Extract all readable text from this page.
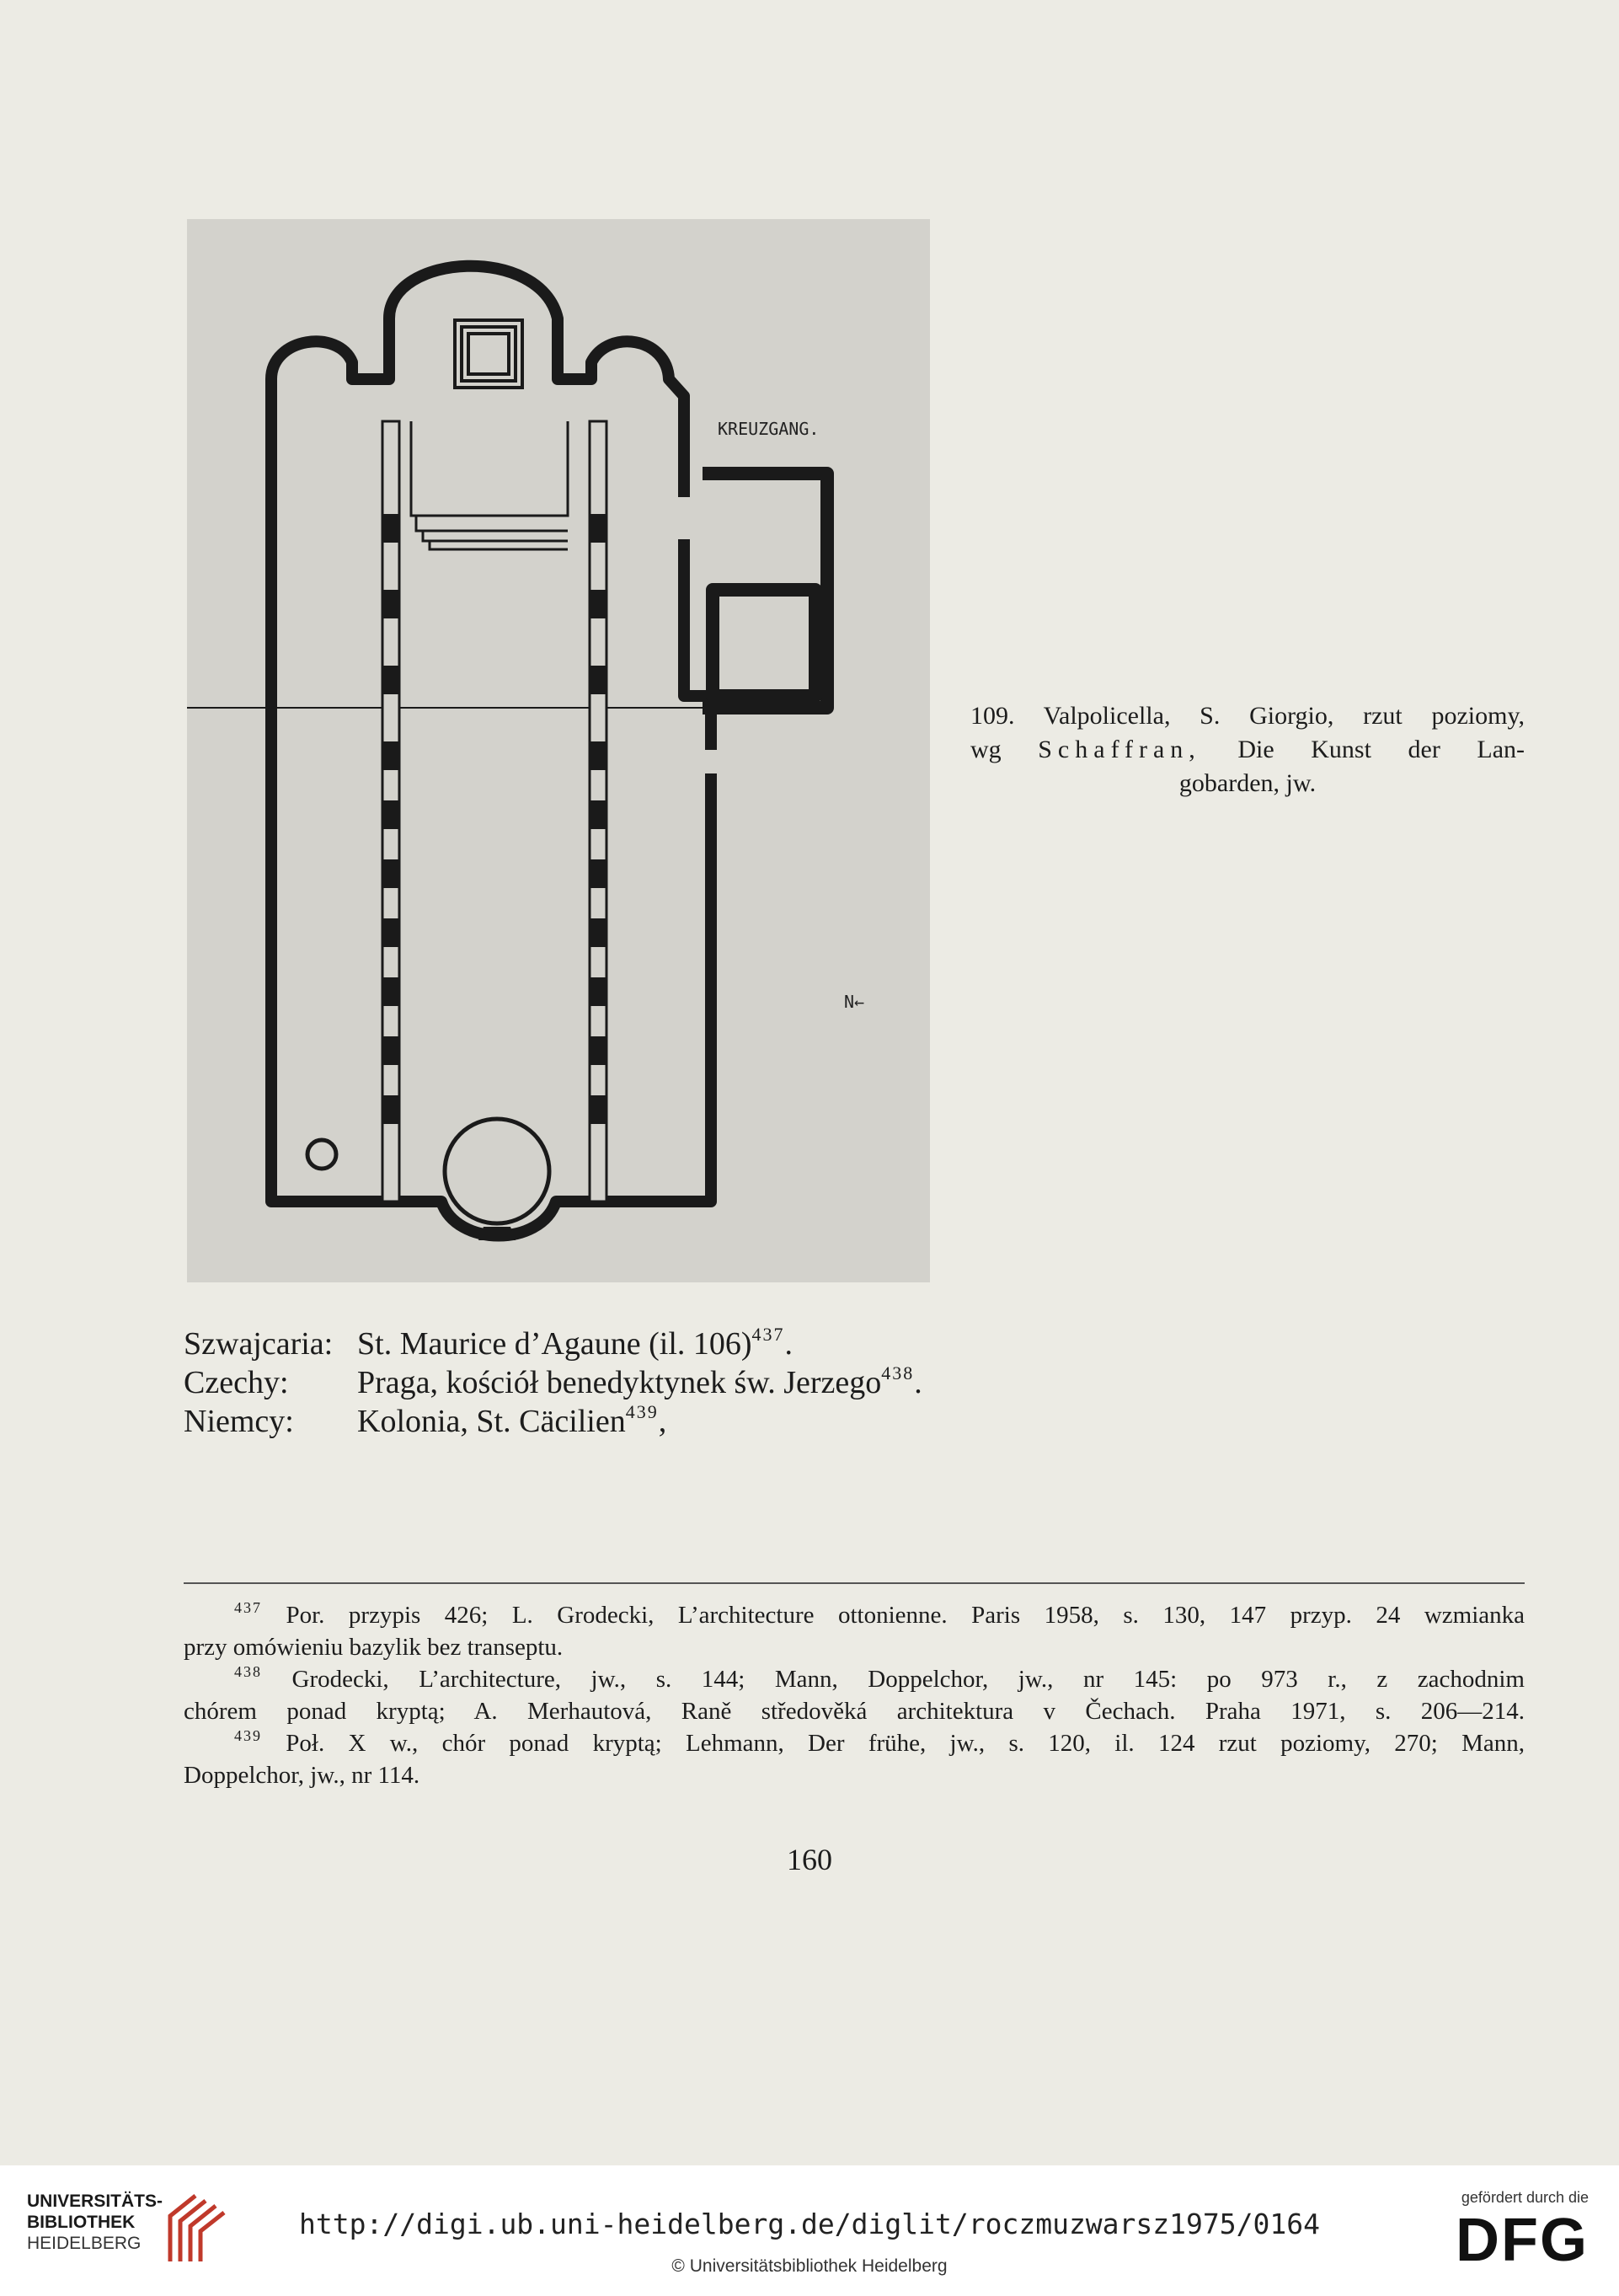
KREUZGANG.
N←
109. Valpolicella, S. Giorgio, rzut poziomy,
wg Schaffran, Die Kunst der Lan-
gobarden, jw.
Szwajcaria: St. Maurice d’Agaune (il. 106)$^{437}$.
Czechy:	Praga, kościół benedyktynek św. Jerzego$^{438}$.
Niemcy:	Kolonia, St. Cäcilien$^{439}$,

$^{437}$ Por. przypis 426; L. Grodecki, L’architecture ottonienne. Paris 1958, s. 130, 147 przyp. 24 wzmianka
przy omówieniu bazylik bez transeptu.

$^{438}$ Grodecki, L’architecture, jw., s. 144; Mann, Doppelchor, jw., nr 145: po 973 r., z zachodnim
chórem ponad kryptą; A. Merhautová, Raně středověká architektura v Čechach. Praha 1971, s. 206—214.

$^{439}$ Poł. X w., chór ponad kryptą; Lehmann, Der frühe, jw., s. 120, il. 124 rzut poziomy, 270; Mann,
Doppelchor, jw., nr 114.

160
UNIVERSITÄTS-
BIBLIOTHEK
HEIDELBERG
http://digi.ub.uni-heidelberg.de/diglit/roczmuzwarsz1975/0164
© Universitätsbibliothek Heidelberg
gefördert durch die
DFG
